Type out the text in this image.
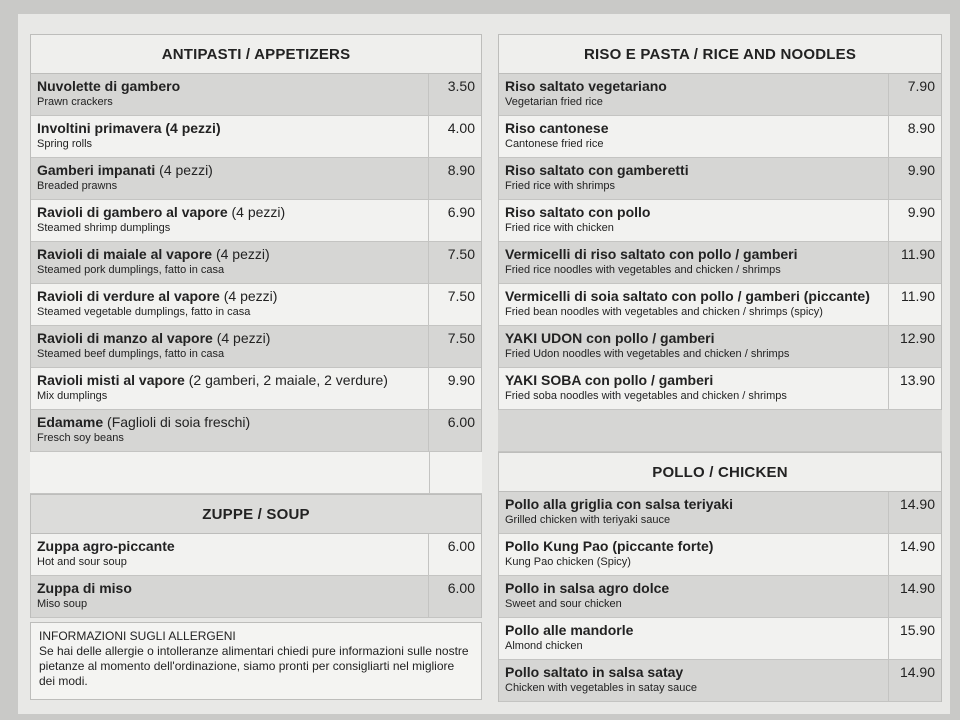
ANTIPASTI / APPETIZERS
Nuvolette di gambero
Prawn crackers
3.50
Involtini primavera (4 pezzi)
Spring rolls
4.00
Gamberi impanati (4 pezzi)
Breaded prawns
8.90
Ravioli di gambero al vapore (4 pezzi)
Steamed shrimp dumplings
6.90
Ravioli di maiale al vapore (4 pezzi)
Steamed pork dumplings, fatto in casa
7.50
Ravioli di verdure al vapore (4 pezzi)
Steamed vegetable dumplings, fatto in casa
7.50
Ravioli di manzo al vapore (4 pezzi)
Steamed beef dumplings, fatto in casa
7.50
Ravioli misti al vapore (2 gamberi, 2 maiale, 2 verdure)
Mix dumplings
9.90
Edamame (Faglioli di soia freschi)
Fresch soy beans
6.00
ZUPPE / SOUP
Zuppa agro-piccante
Hot and sour soup
6.00
Zuppa di miso
Miso soup
6.00
INFORMAZIONI SUGLI ALLERGENI
Se hai delle allergie o intolleranze alimentari chiedi pure informazioni sulle nostre pietanze al momento dell'ordinazione, siamo pronti per consigliarti nel migliore dei modi.
RISO E PASTA / RICE AND NOODLES
Riso saltato vegetariano
Vegetarian fried rice
7.90
Riso cantonese
Cantonese fried rice
8.90
Riso saltato con gamberetti
Fried rice with shrimps
9.90
Riso saltato con pollo
Fried rice with chicken
9.90
Vermicelli di riso saltato con pollo / gamberi
Fried rice noodles with vegetables and chicken / shrimps
11.90
Vermicelli di soia saltato con pollo / gamberi (piccante)
Fried bean noodles with vegetables and chicken / shrimps (spicy)
11.90
YAKI UDON con pollo / gamberi
Fried Udon noodles with vegetables and chicken / shrimps
12.90
YAKI SOBA con pollo / gamberi
Fried soba noodles with vegetables and chicken / shrimps
13.90
POLLO / CHICKEN
Pollo alla griglia con salsa teriyaki
Grilled chicken with teriyaki sauce
14.90
Pollo Kung Pao (piccante forte)
Kung Pao chicken (Spicy)
14.90
Pollo in salsa agro dolce
Sweet and sour chicken
14.90
Pollo alle mandorle
Almond chicken
15.90
Pollo saltato in salsa satay
Chicken with vegetables in satay sauce
14.90
